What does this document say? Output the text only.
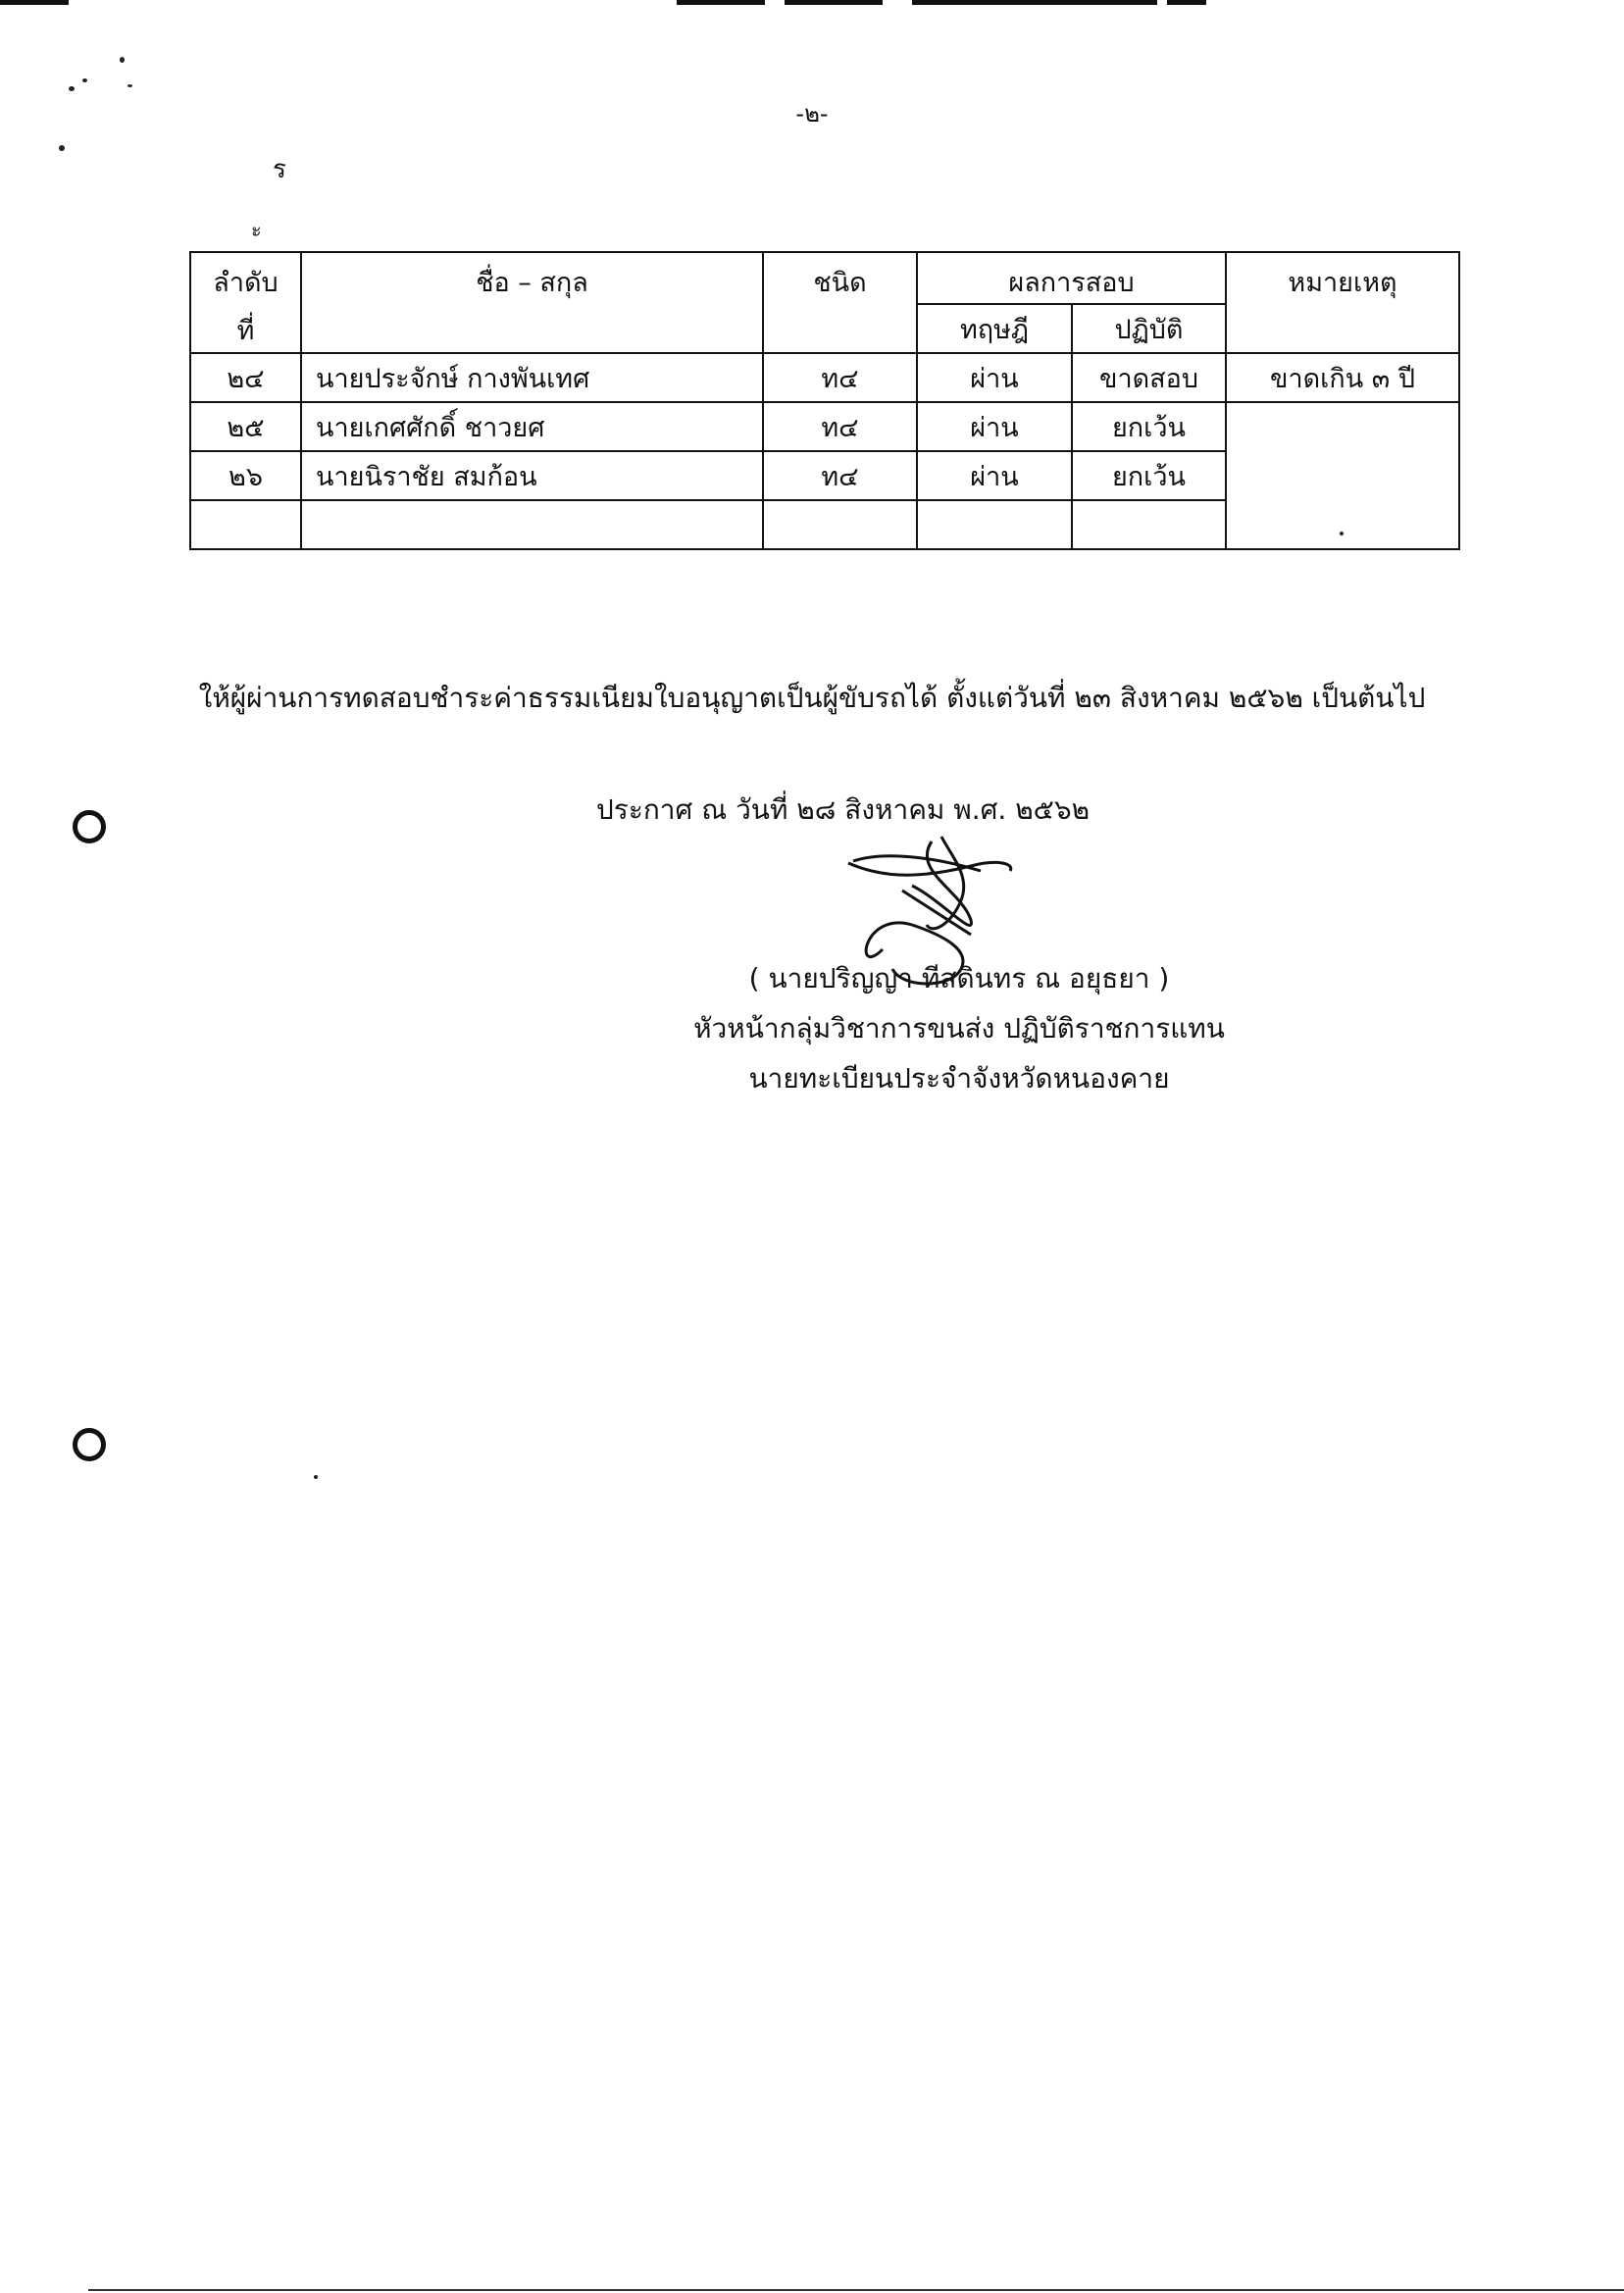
-๒-
ร
ะ
ลำดับ
ที่	ชื่อ – สกุล	ชนิด	ผลการสอบ		หมายเหตุ
			ทฤษฎี	ปฏิบัติ	
๒๔	นายประจักษ์ กางพันเทศ	ท๔	ผ่าน	ขาดสอบ	ขาดเกิน ๓ ปี
๒๕	นายเกศศักดิ์ ชาวยศ	ท๔	ผ่าน	ยกเว้น	
๒๖	นายนิราชัย สมก้อน	ท๔	ผ่าน	ยกเว้น	

ให้ผู้ผ่านการทดสอบชำระค่าธรรมเนียมใบอนุญาตเป็นผู้ขับรถได้ ตั้งแต่วันที่ ๒๓ สิงหาคม ๒๕๖๒ เป็นต้นไป
ประกาศ ณ วันที่ ๒๘ สิงหาคม พ.ศ. ๒๕๖๒
( นายปริญญา ทีสดินทร ณ อยุธยา )
หัวหน้ากลุ่มวิชาการขนส่ง ปฏิบัติราชการแทน
นายทะเบียนประจำจังหวัดหนองคาย
